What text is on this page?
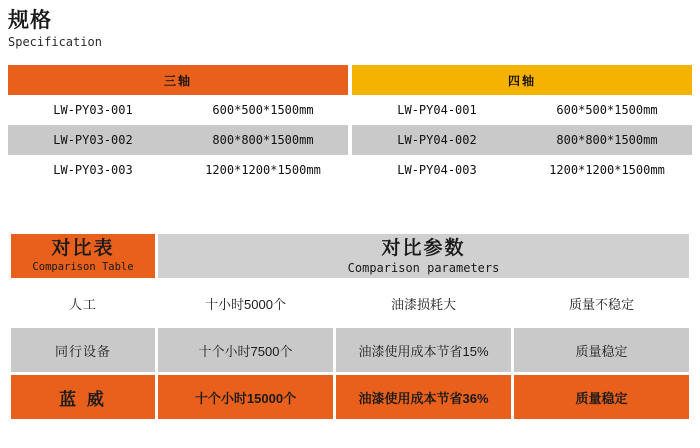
规格
Specification
三轴			四轴	
LW-PY03-001	600*500*1500mm		LW-PY04-001	600*500*1500mm
LW-PY03-002	800*800*1500mm		LW-PY04-002	800*800*1500mm
LW-PY03-003	1200*1200*1500mm		LW-PY04-003	1200*1200*1500mm
对比表
Comparison Table

对比参数
Comparison parameters

人工	十小时5000个	油漆损耗大	质量不稳定
同行设备	十个小时7500个	油漆使用成本节省15%	质量稳定
蓝 威	十个小时15000个	油漆使用成本节省36%	质量稳定
